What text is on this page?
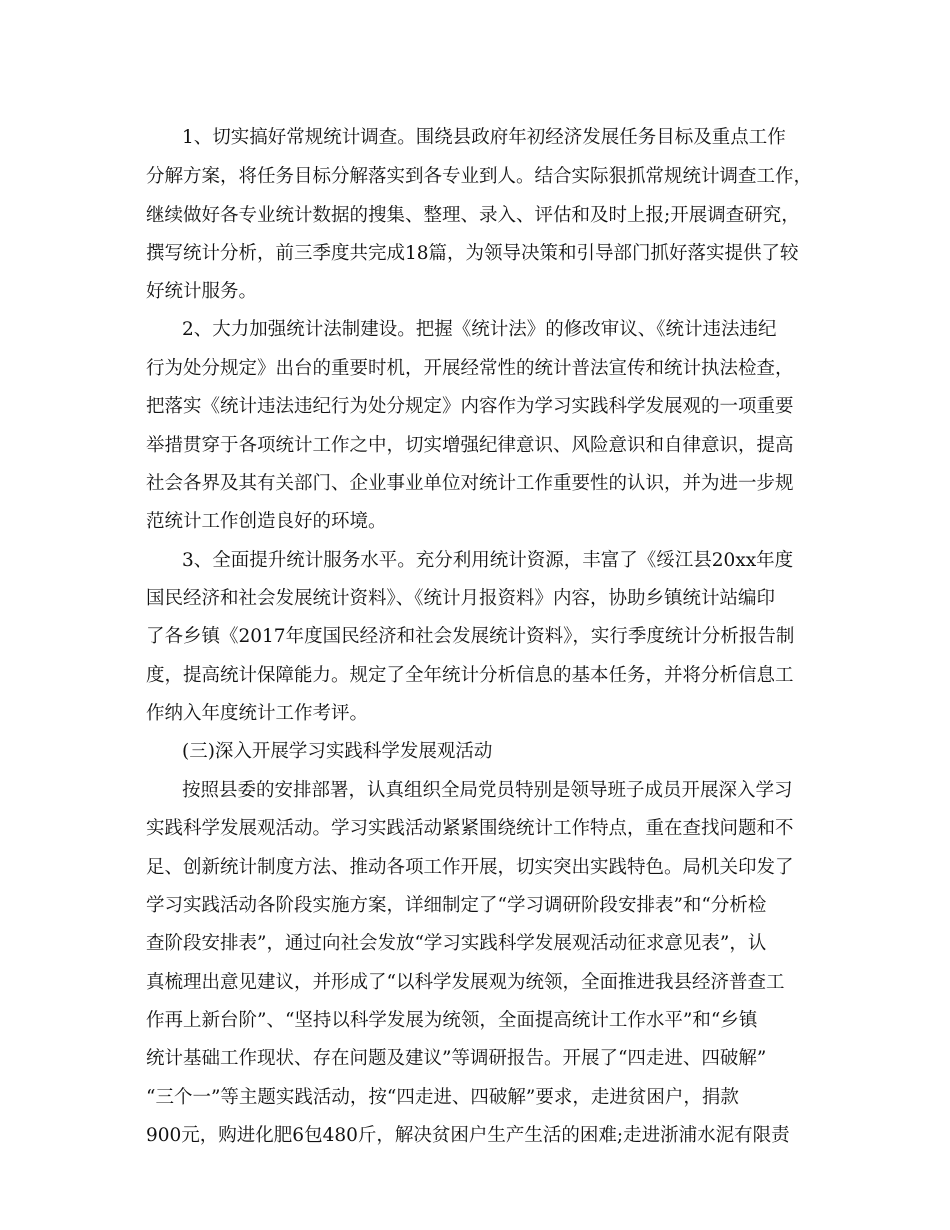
1、切实搞好常规统计调查。围绕县政府年初经济发展任务目标及重点工作
分解方案，将任务目标分解落实到各专业到人。结合实际狠抓常规统计调查工作，
继续做好各专业统计数据的搜集、整理、录入、评估和及时上报;开展调查研究，
撰写统计分析，前三季度共完成18篇，为领导决策和引导部门抓好落实提供了较
好统计服务。
2、大力加强统计法制建设。把握《统计法》的修改审议、《统计违法违纪
行为处分规定》出台的重要时机，开展经常性的统计普法宣传和统计执法检查，
把落实《统计违法违纪行为处分规定》内容作为学习实践科学发展观的一项重要
举措贯穿于各项统计工作之中，切实增强纪律意识、风险意识和自律意识，提高
社会各界及其有关部门、企业事业单位对统计工作重要性的认识，并为进一步规
范统计工作创造良好的环境。
3、全面提升统计服务水平。充分利用统计资源，丰富了《绥江县20xx年度
国民经济和社会发展统计资料》、《统计月报资料》内容，协助乡镇统计站编印
了各乡镇《2017年度国民经济和社会发展统计资料》，实行季度统计分析报告制
度，提高统计保障能力。规定了全年统计分析信息的基本任务，并将分析信息工
作纳入年度统计工作考评。
(三)深入开展学习实践科学发展观活动
按照县委的安排部署，认真组织全局党员特别是领导班子成员开展深入学习
实践科学发展观活动。学习实践活动紧紧围绕统计工作特点，重在查找问题和不
足、创新统计制度方法、推动各项工作开展，切实突出实践特色。局机关印发了
学习实践活动各阶段实施方案，详细制定了“学习调研阶段安排表”和“分析检
查阶段安排表”，通过向社会发放“学习实践科学发展观活动征求意见表”，认
真梳理出意见建议，并形成了“以科学发展观为统领，全面推进我县经济普查工
作再上新台阶”、“坚持以科学发展为统领，全面提高统计工作水平”和“乡镇
统计基础工作现状、存在问题及建议”等调研报告。开展了“四走进、四破解”
“三个一”等主题实践活动，按“四走进、四破解”要求，走进贫困户，捐款
900元，购进化肥6包480斤，解决贫困户生产生活的困难;走进浙浦水泥有限责
